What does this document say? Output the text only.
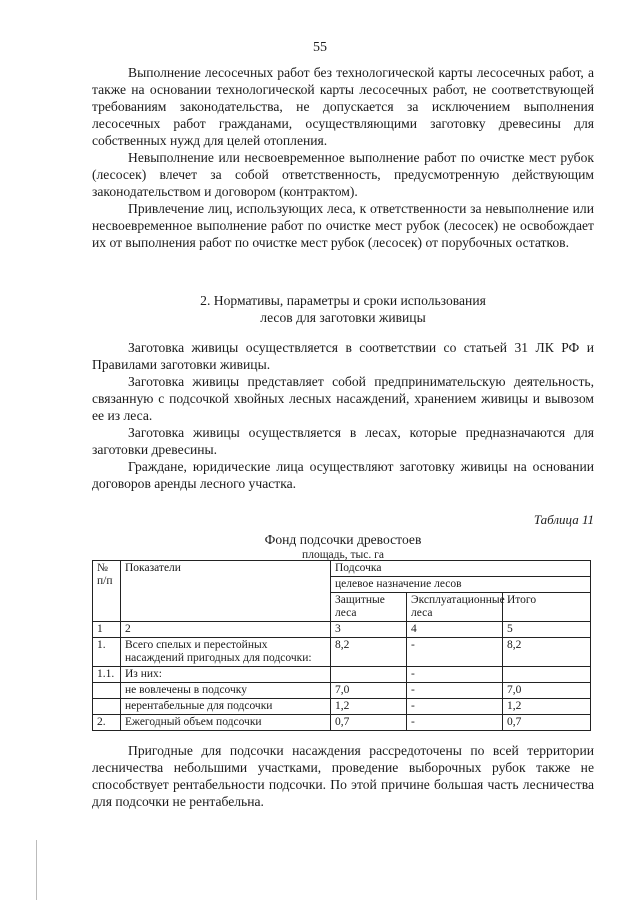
55

Выполнение лесосечных работ без технологической карты лесосечных работ, а также на основании технологической карты лесосечных работ, не соответствующей требованиям законодательства, не допускается за исключением выполнения лесосечных работ гражданами, осуществляющими заготовку древесины для собственных нужд для целей отопления.

Невыполнение или несвоевременное выполнение работ по очистке мест рубок (лесосек) влечет за собой ответственность, предусмотренную действующим законодательством и договором (контрактом).

Привлечение лиц, использующих леса, к ответственности за невыполнение или несвоевременное выполнение работ по очистке мест рубок (лесосек) не освобождает их от выполнения работ по очистке мест рубок (лесосек) от порубочных остатков.

2. Нормативы, параметры и сроки использования
лесов для заготовки живицы

Заготовка живицы осуществляется в соответствии со статьей 31 ЛК РФ и Правилами заготовки живицы.

Заготовка живицы представляет собой предпринимательскую деятельность, связанную с подсочкой хвойных лесных насаждений, хранением живицы и вывозом ее из леса.

Заготовка живицы осуществляется в лесах, которые предназначаются для заготовки древесины.

Граждане, юридические лица осуществляют заготовку живицы на основании договоров аренды лесного участка.

Таблица 11
Фонд подсочки древостоев
площадь, тыс. га
№ п/п	Показатели	Подсочка		
		целевое назначение лесов		
		Защитные леса	Эксплуатационные леса	Итого
1	2	3	4	5
1.	Всего спелых и перестойных насаждений пригодных для подсочки:	8,2	-	8,2
1.1.	Из них:		-	
	не вовлечены в подсочку	7,0	-	7,0
	нерентабельные для подсочки	1,2	-	1,2
2.	Ежегодный объем подсочки	0,7	-	0,7

Пригодные для подсочки насаждения рассредоточены по всей территории лесничества небольшими участками, проведение выборочных рубок также не способствует рентабельности подсочки. По этой причине большая часть лесничества для подсочки не рентабельна.
